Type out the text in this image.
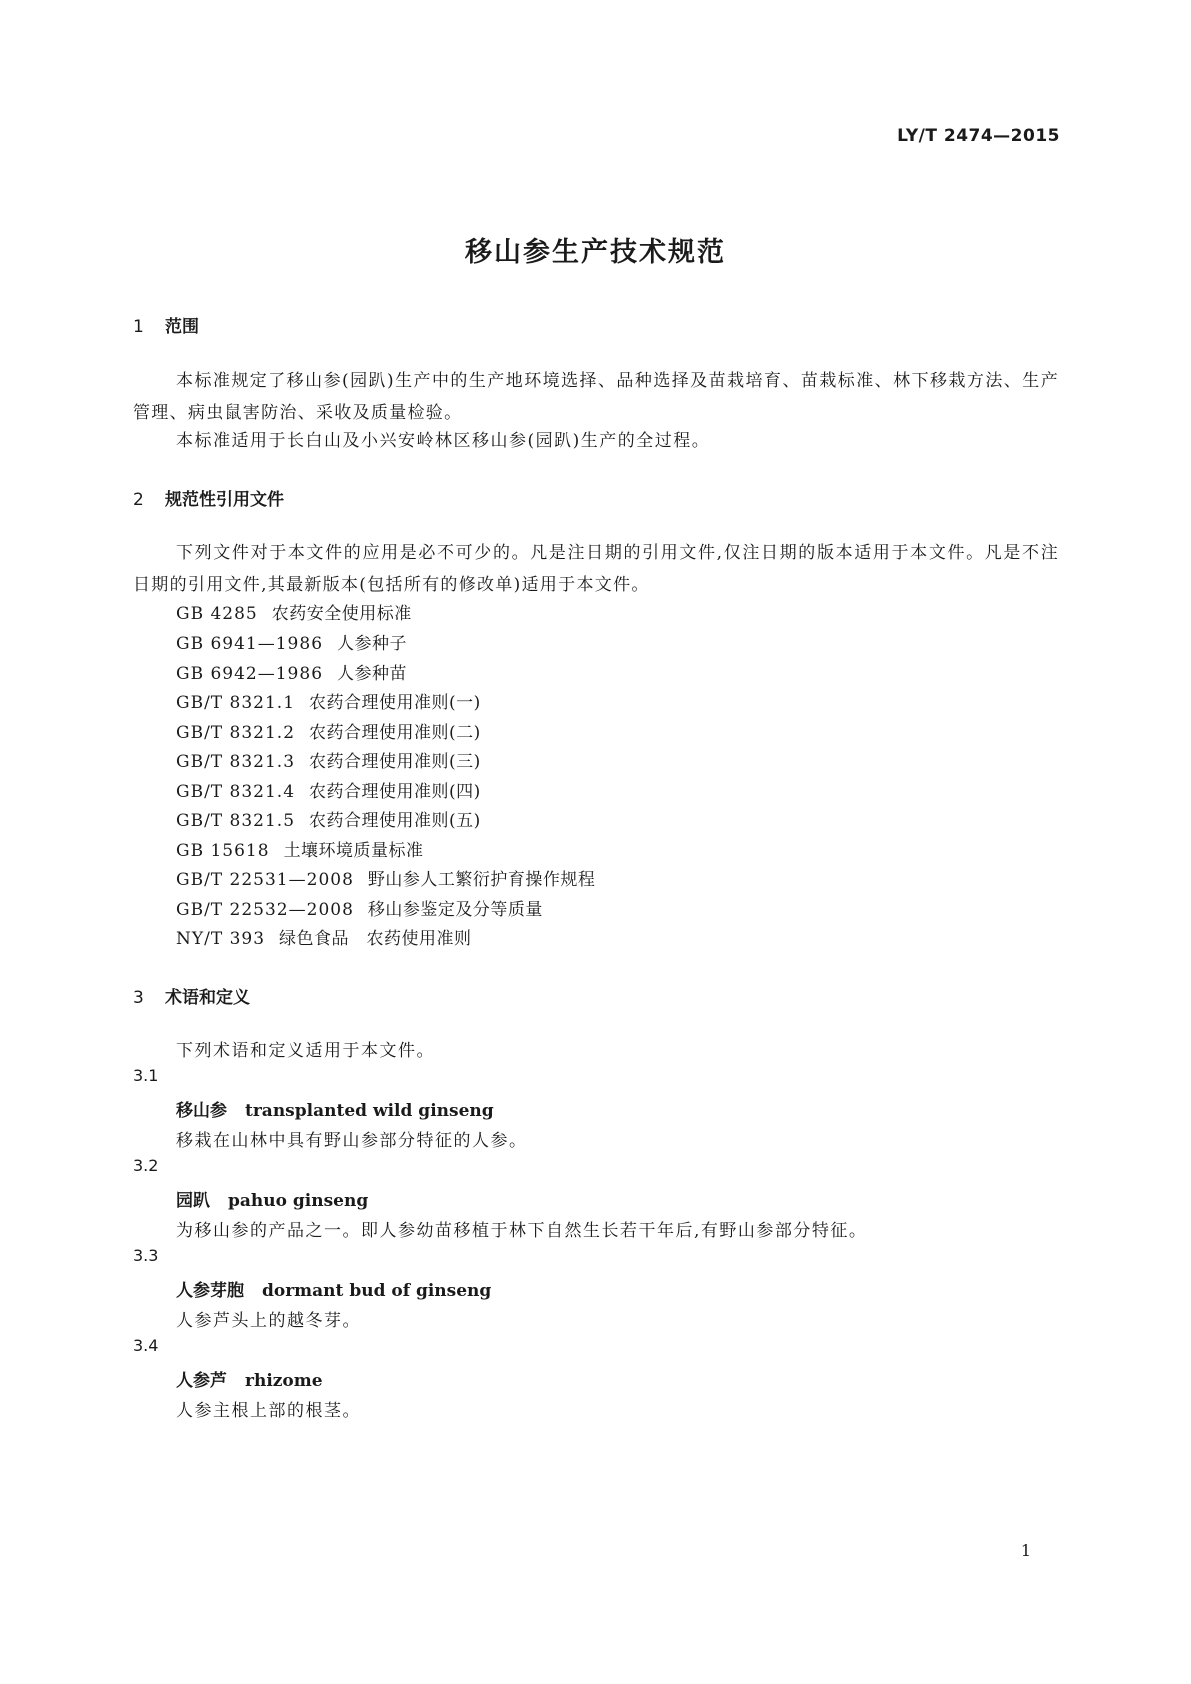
LY/T 2474—2015
移山参生产技术规范
1 范围
本标准规定了移山参(园趴)生产中的生产地环境选择、品种选择及苗栽培育、苗栽标准、林下移栽方法、生产管理、病虫鼠害防治、采收及质量检验。
本标准适用于长白山及小兴安岭林区移山参(园趴)生产的全过程。
2 规范性引用文件
下列文件对于本文件的应用是必不可少的。凡是注日期的引用文件,仅注日期的版本适用于本文件。凡是不注日期的引用文件,其最新版本(包括所有的修改单)适用于本文件。
GB 4285 农药安全使用标准
GB 6941—1986 人参种子
GB 6942—1986 人参种苗
GB/T 8321.1 农药合理使用准则(一)
GB/T 8321.2 农药合理使用准则(二)
GB/T 8321.3 农药合理使用准则(三)
GB/T 8321.4 农药合理使用准则(四)
GB/T 8321.5 农药合理使用准则(五)
GB 15618 土壤环境质量标准
GB/T 22531—2008 野山参人工繁衍护育操作规程
GB/T 22532—2008 移山参鉴定及分等质量
NY/T 393 绿色食品　农药使用准则
3 术语和定义
下列术语和定义适用于本文件。
3.1
移山参 transplanted wild ginseng
移栽在山林中具有野山参部分特征的人参。
3.2
园趴 pahuo ginseng
为移山参的产品之一。即人参幼苗移植于林下自然生长若干年后,有野山参部分特征。
3.3
人参芽胞 dormant bud of ginseng
人参芦头上的越冬芽。
3.4
人参芦 rhizome
人参主根上部的根茎。
1
